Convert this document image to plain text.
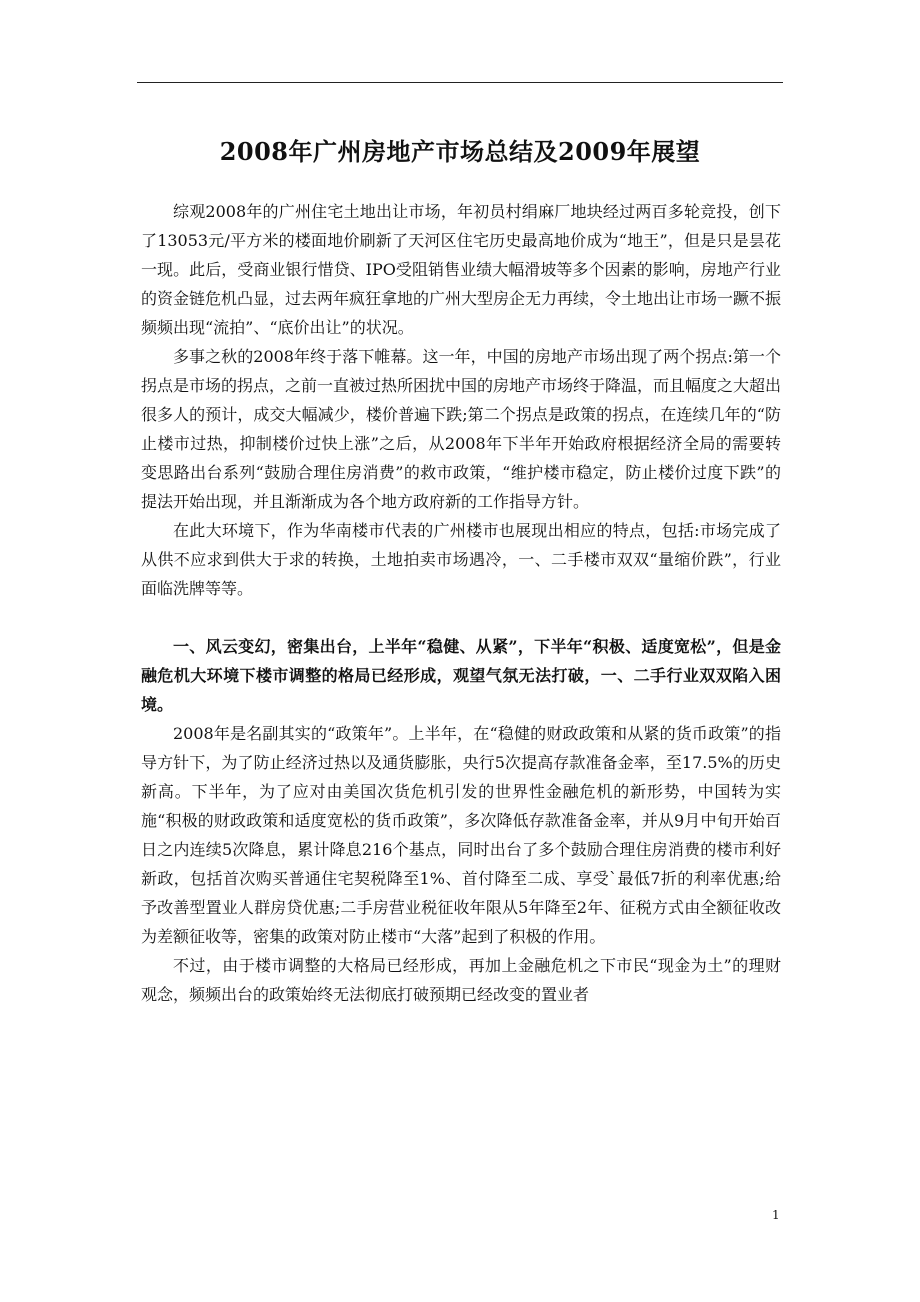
2008年广州房地产市场总结及2009年展望

综观2008年的广州住宅土地出让市场，年初员村绢麻厂地块经过两百多轮竞投，创下了13053元/平方米的楼面地价刷新了天河区住宅历史最高地价成为“地王”，但是只是昙花一现。此后，受商业银行惜贷、IPO受阻销售业绩大幅滑坡等多个因素的影响，房地产行业的资金链危机凸显，过去两年疯狂拿地的广州大型房企无力再续，令土地出让市场一蹶不振频频出现“流拍”、“底价出让”的状况。

多事之秋的2008年终于落下帷幕。这一年，中国的房地产市场出现了两个拐点:第一个拐点是市场的拐点，之前一直被过热所困扰中国的房地产市场终于降温，而且幅度之大超出很多人的预计，成交大幅减少，楼价普遍下跌;第二个拐点是政策的拐点，在连续几年的“防止楼市过热，抑制楼价过快上涨”之后，从2008年下半年开始政府根据经济全局的需要转变思路出台系列“鼓励合理住房消费”的救市政策，“维护楼市稳定，防止楼价过度下跌”的提法开始出现，并且渐渐成为各个地方政府新的工作指导方针。

在此大环境下，作为华南楼市代表的广州楼市也展现出相应的特点，包括:市场完成了从供不应求到供大于求的转换，土地拍卖市场遇冷，一、二手楼市双双“量缩价跌”，行业面临洗牌等等。

一、风云变幻，密集出台，上半年“稳健、从紧”，下半年“积极、适度宽松”，但是金融危机大环境下楼市调整的格局已经形成，观望气氛无法打破，一、二手行业双双陷入困境。

2008年是名副其实的“政策年”。上半年，在“稳健的财政政策和从紧的货币政策”的指导方针下，为了防止经济过热以及通货膨胀，央行5次提高存款准备金率，至17.5%的历史新高。下半年，为了应对由美国次货危机引发的世界性金融危机的新形势，中国转为实施“积极的财政政策和适度宽松的货币政策”，多次降低存款准备金率，并从9月中旬开始百日之内连续5次降息，累计降息216个基点，同时出台了多个鼓励合理住房消费的楼市利好新政，包括首次购买普通住宅契税降至1%、首付降至二成、享受`最低7折的利率优惠;给予改善型置业人群房贷优惠;二手房营业税征收年限从5年降至2年、征税方式由全额征收改为差额征收等，密集的政策对防止楼市“大落”起到了积极的作用。

不过，由于楼市调整的大格局已经形成，再加上金融危机之下市民“现金为土”的理财观念，频频出台的政策始终无法彻底打破预期已经改变的置业者

1
